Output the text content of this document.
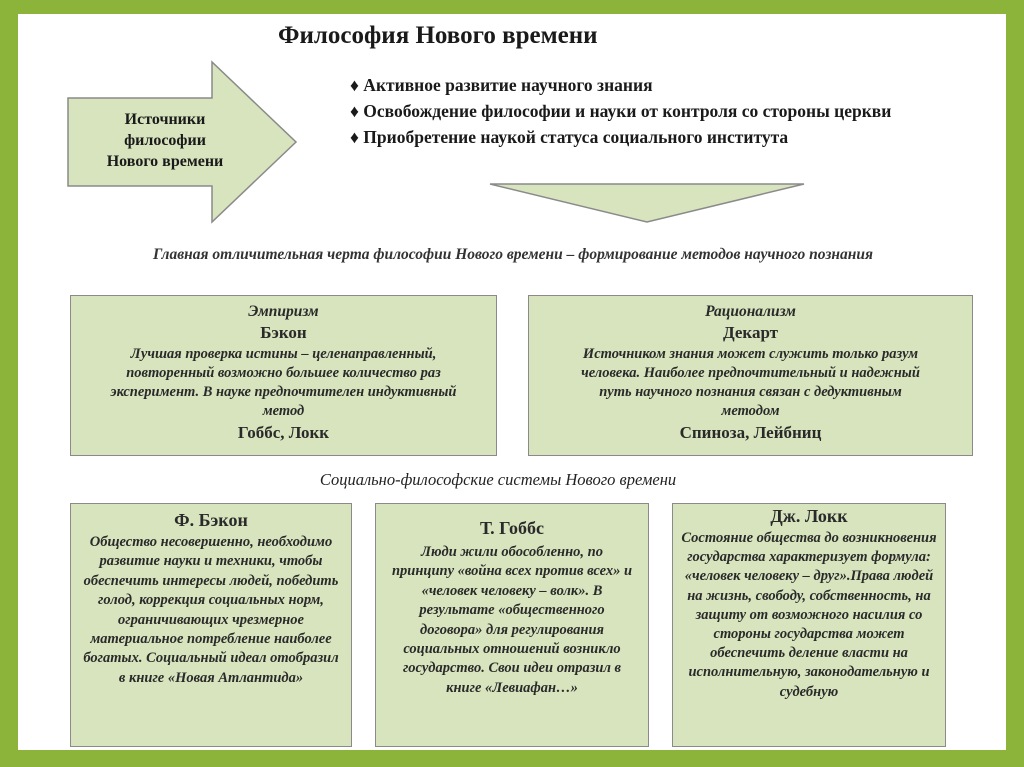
Философия Нового времени
Источники
философии
Нового времени
♦ Активное развитие научного знания
♦ Освобождение философии и науки от контроля со стороны церкви
♦ Приобретение наукой статуса социального института
Главная отличительная черта философии Нового времени – формирование методов научного познания
Эмпиризм
Бэкон
Лучшая проверка истины – целенаправленный, повторенный возможно большее количество раз эксперимент. В науке предпочтителен индуктивный метод
Гоббс, Локк
Рационализм
Декарт
Источником знания может служить только разум человека. Наиболее предпочтительный и надежный путь научного познания связан с дедуктивным методом
Спиноза, Лейбниц
Социально-философские системы Нового времени
Ф. Бэкон
Общество несовершенно, необходимо развитие науки и техники, чтобы обеспечить интересы людей, победить голод, коррекция социальных норм, ограничивающих чрезмерное материальное потребление наиболее богатых. Социальный идеал отобразил в книге «Новая Атлантида»
Т. Гоббс
Люди жили обособленно, по принципу «война всех против всех» и «человек человеку – волк». В результате «общественного договора» для регулирования социальных отношений возникло государство. Свои идеи отразил в книге «Левиафан…»
Дж. Локк
Состояние общества до возникновения государства характеризует формула: «человек человеку – друг».Права людей на жизнь, свободу, собственность, на защиту от возможного насилия со стороны государства может обеспечить деление власти на исполнительную, законодательную и судебную
